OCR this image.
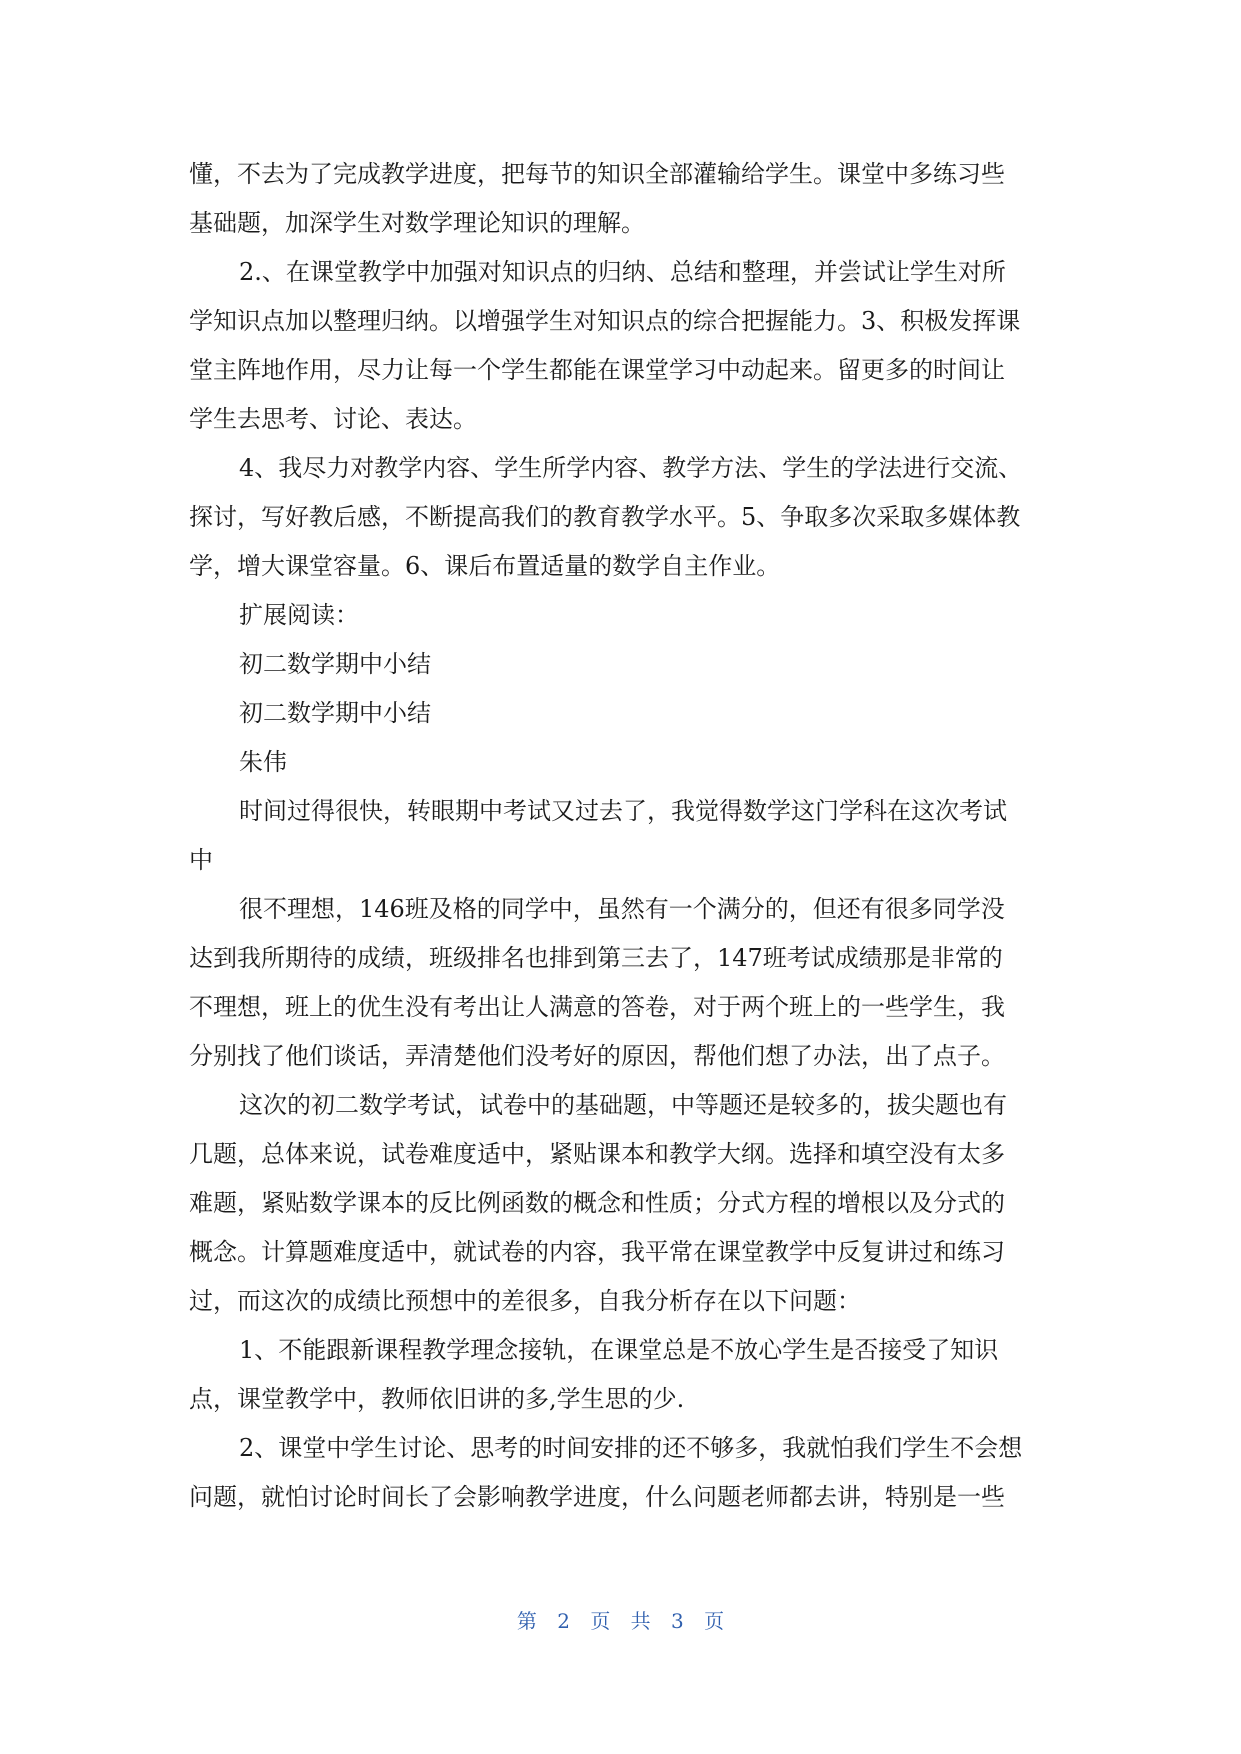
懂，不去为了完成教学进度，把每节的知识全部灌输给学生。课堂中多练习些
基础题，加深学生对数学理论知识的理解。
2.、在课堂教学中加强对知识点的归纳、总结和整理，并尝试让学生对所
学知识点加以整理归纳。以增强学生对知识点的综合把握能力。3、积极发挥课
堂主阵地作用，尽力让每一个学生都能在课堂学习中动起来。留更多的时间让
学生去思考、讨论、表达。
4、我尽力对教学内容、学生所学内容、教学方法、学生的学法进行交流、
探讨，写好教后感，不断提高我们的教育教学水平。5、争取多次采取多媒体教
学，增大课堂容量。6、课后布置适量的数学自主作业。
扩展阅读：
初二数学期中小结
初二数学期中小结
朱伟
时间过得很快，转眼期中考试又过去了，我觉得数学这门学科在这次考试
中
很不理想，146班及格的同学中，虽然有一个满分的，但还有很多同学没
达到我所期待的成绩，班级排名也排到第三去了，147班考试成绩那是非常的
不理想，班上的优生没有考出让人满意的答卷，对于两个班上的一些学生，我
分别找了他们谈话，弄清楚他们没考好的原因，帮他们想了办法，出了点子。
这次的初二数学考试，试卷中的基础题，中等题还是较多的，拔尖题也有
几题，总体来说，试卷难度适中，紧贴课本和教学大纲。选择和填空没有太多
难题，紧贴数学课本的反比例函数的概念和性质；分式方程的增根以及分式的
概念。计算题难度适中，就试卷的内容，我平常在课堂教学中反复讲过和练习
过，而这次的成绩比预想中的差很多，自我分析存在以下问题：
1、不能跟新课程教学理念接轨，在课堂总是不放心学生是否接受了知识
点，课堂教学中，教师依旧讲的多,学生思的少.
2、课堂中学生讨论、思考的时间安排的还不够多，我就怕我们学生不会想
问题，就怕讨论时间长了会影响教学进度，什么问题老师都去讲，特别是一些
第 2 页 共 3 页
